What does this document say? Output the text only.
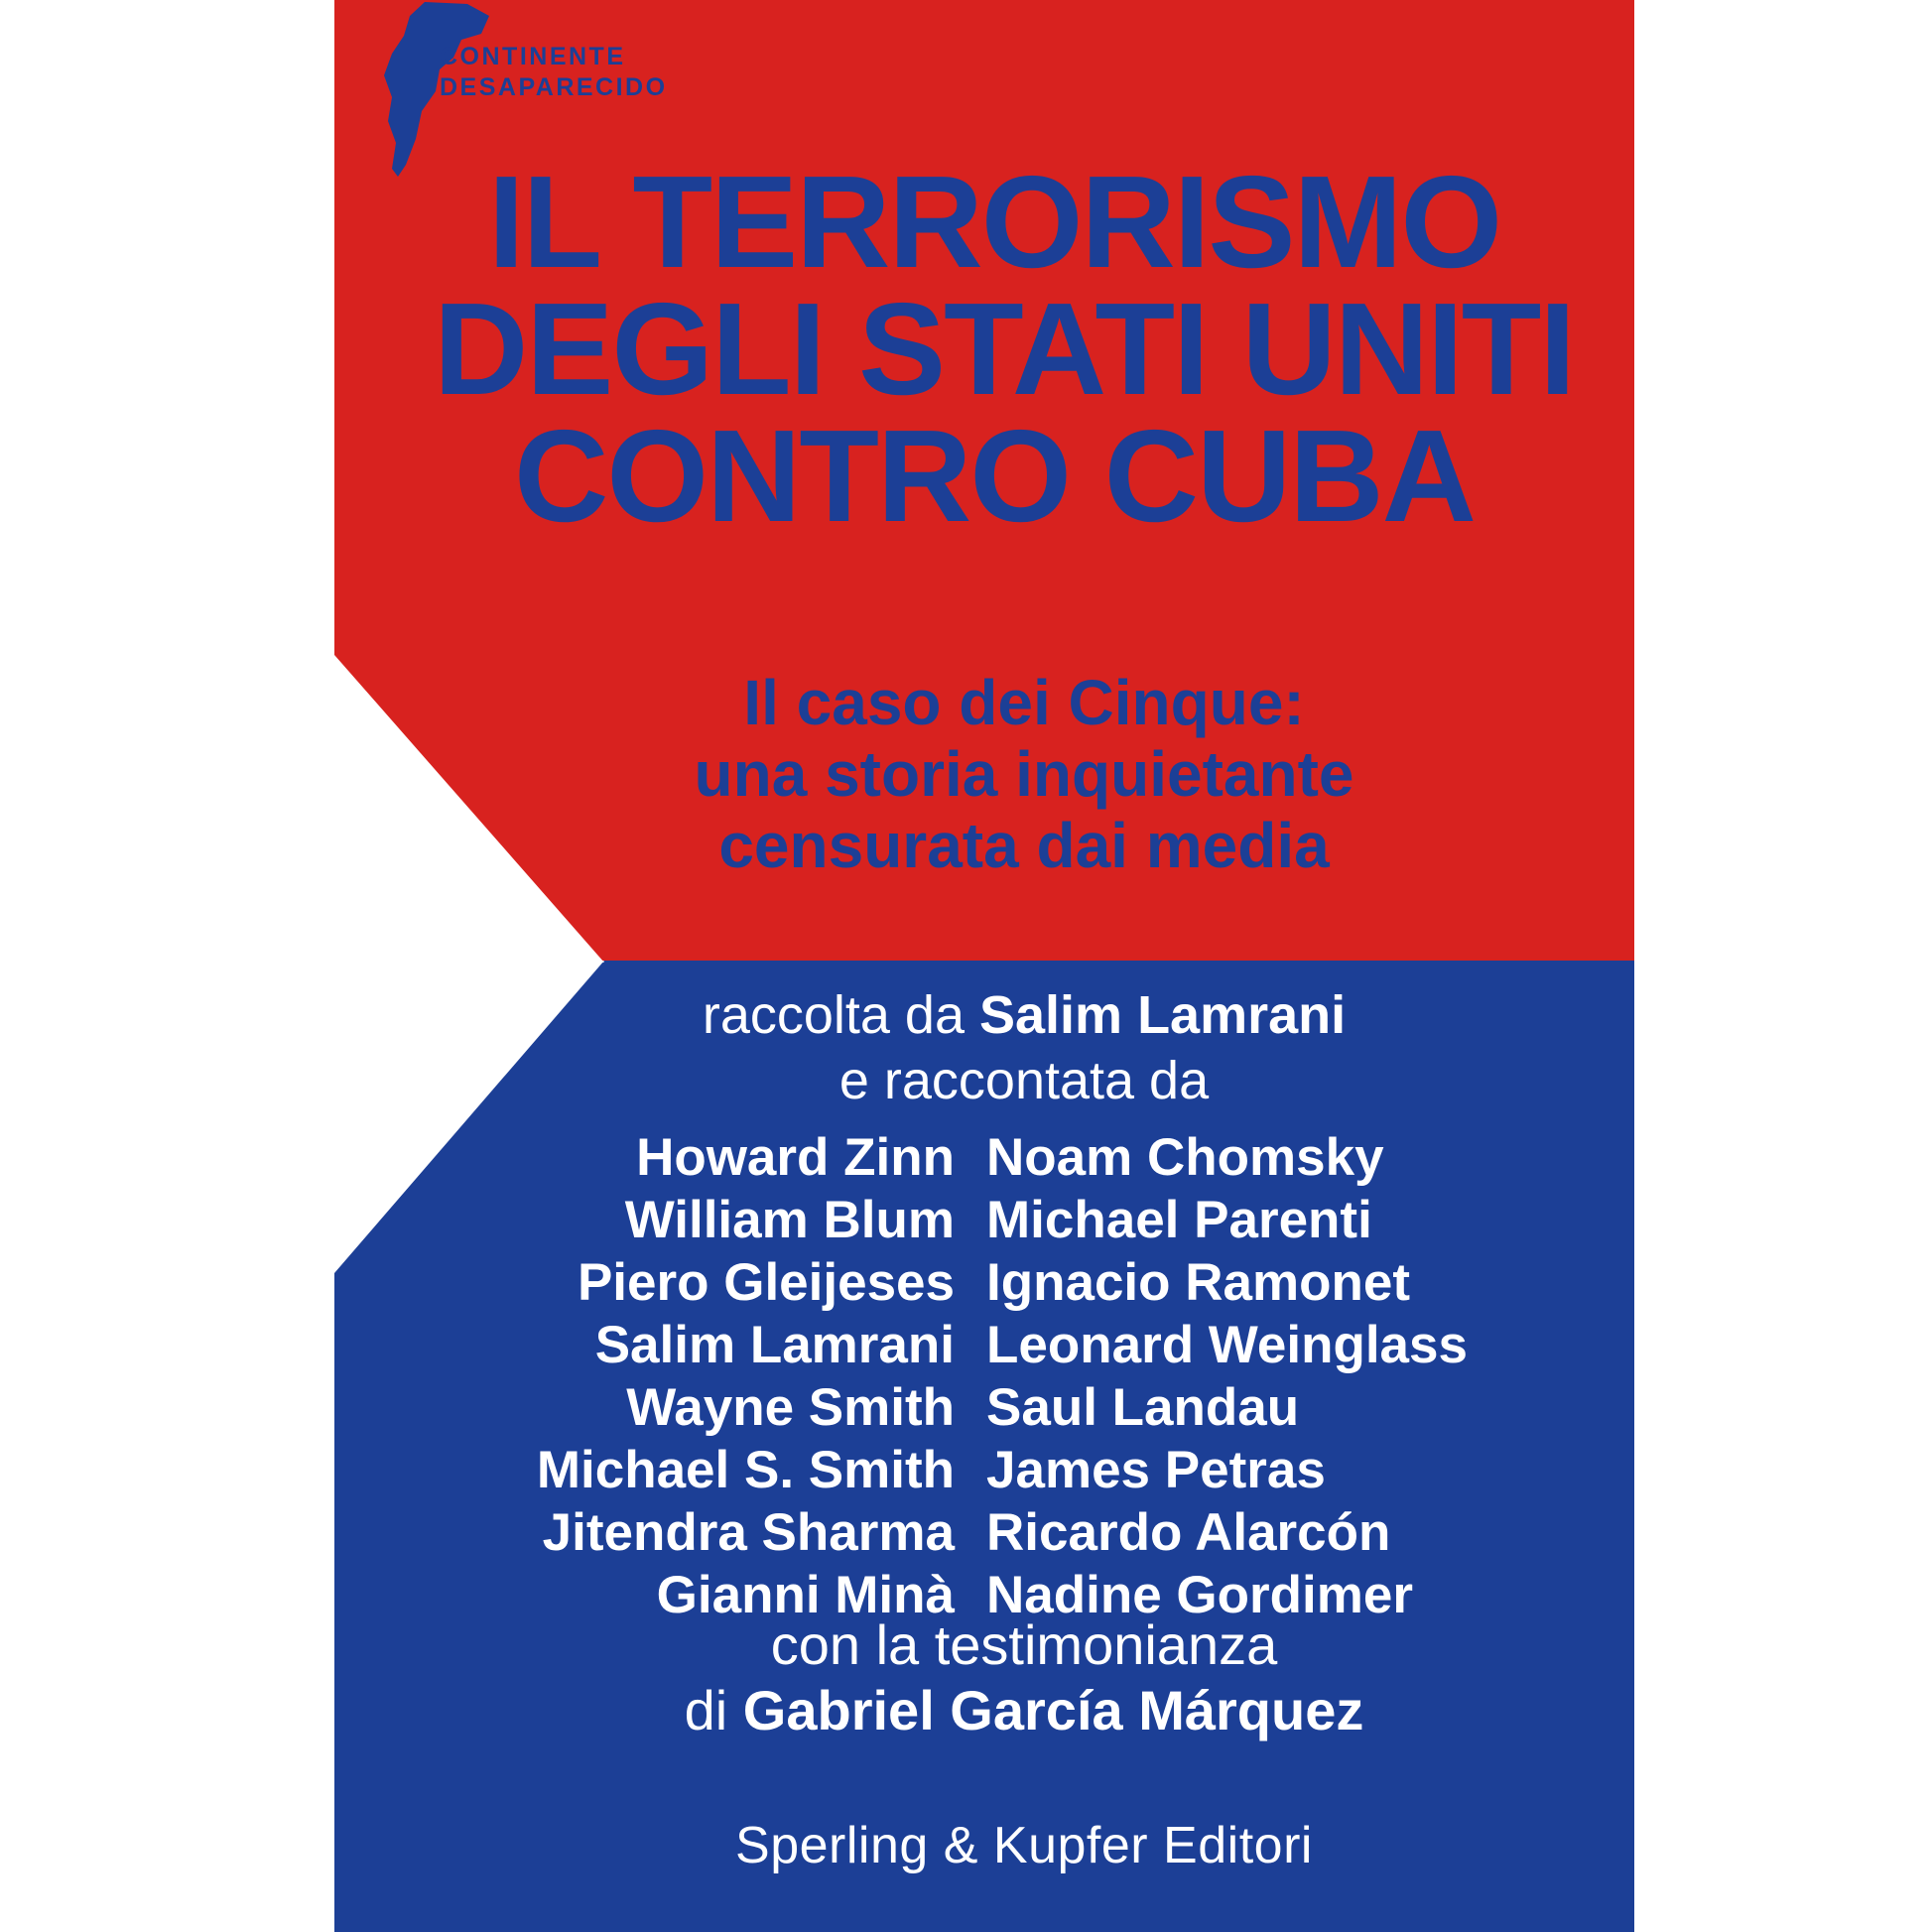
CONTINENTE
DESAPARECIDO
IL TERRORISMO
DEGLI STATI UNITI
CONTRO CUBA
Il caso dei Cinque:
una storia inquietante
censurata dai media
raccolta da Salim Lamrani
e raccontata da
Howard Zinn Noam Chomsky
William Blum Michael Parenti
Piero Gleijeses Ignacio Ramonet
Salim Lamrani Leonard Weinglass
Wayne Smith Saul Landau
Michael S. Smith James Petras
Jitendra Sharma Ricardo Alarcón
Gianni Minà Nadine Gordimer
con la testimonianza
di Gabriel García Márquez
Sperling & Kupfer Editori
